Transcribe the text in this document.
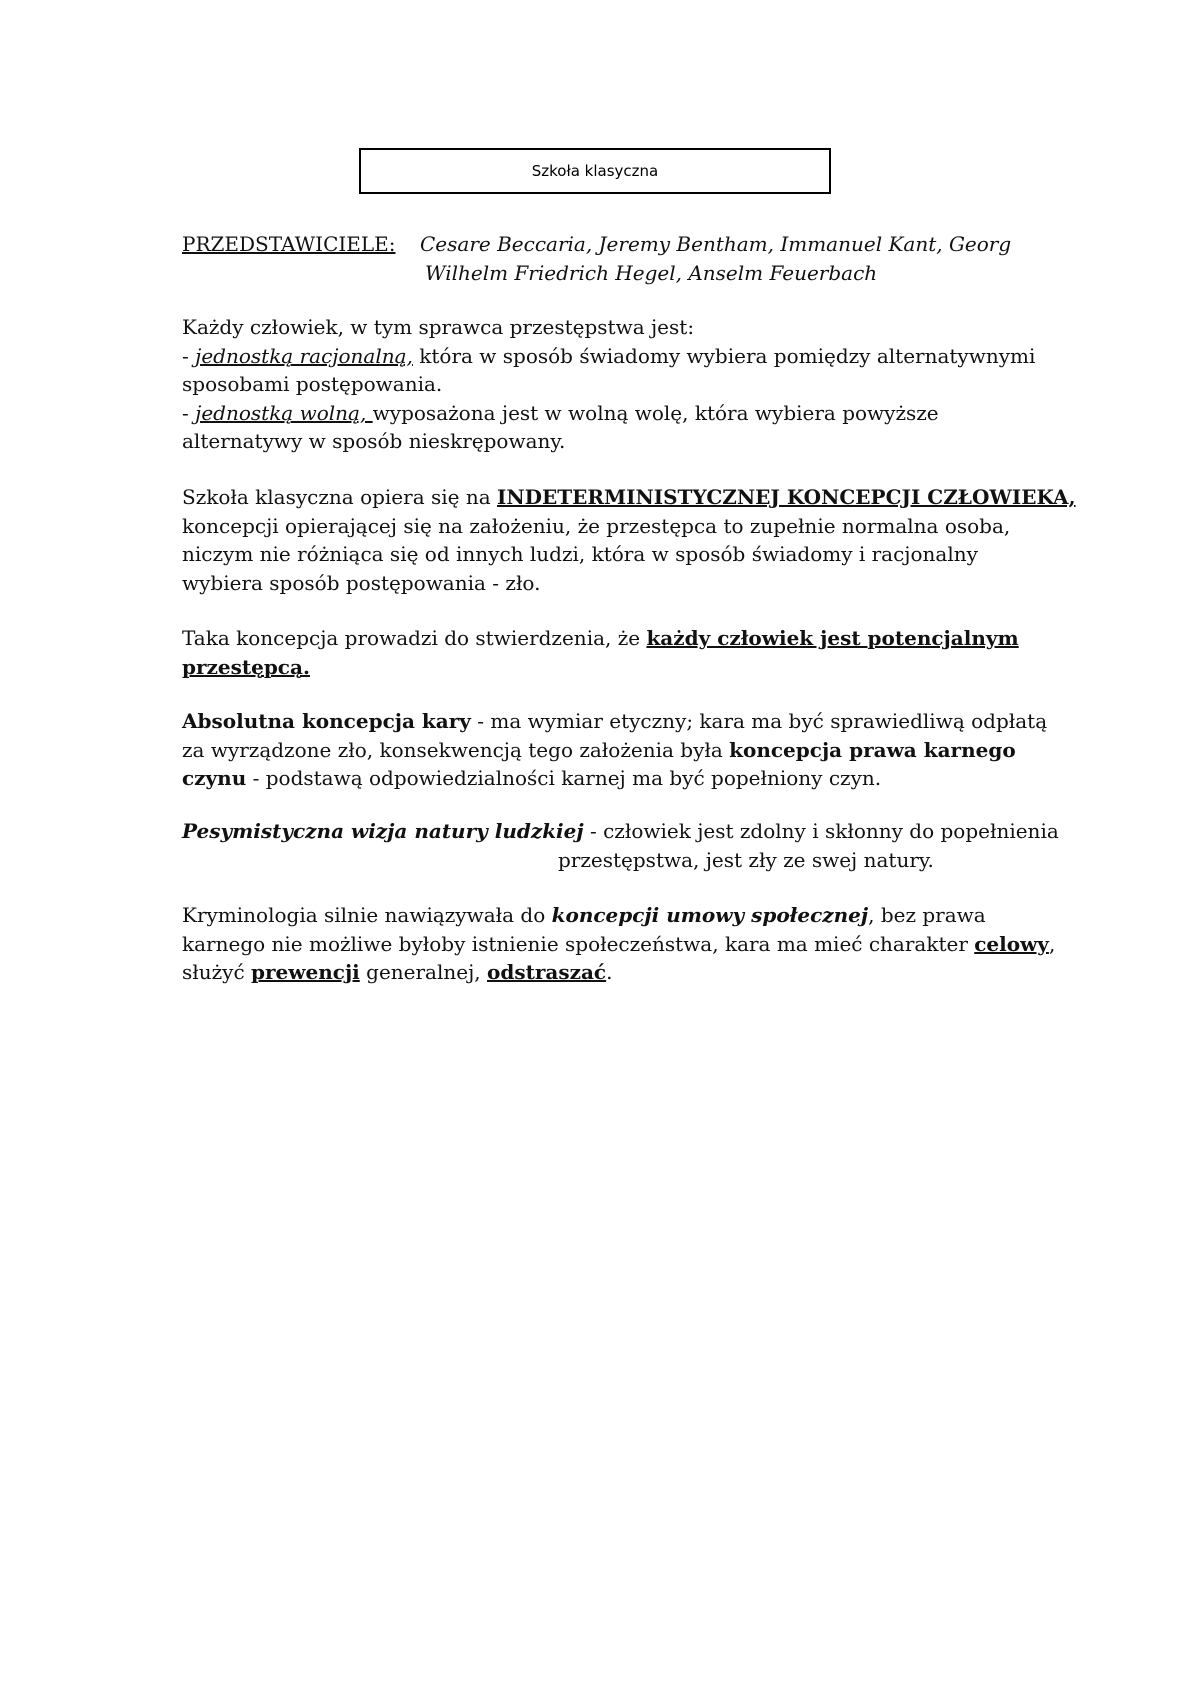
Szkoła klasyczna
PRZEDSTAWICIELE: Cesare Beccaria, Jeremy Bentham, Immanuel Kant, Georg
Wilhelm Friedrich Hegel, Anselm Feuerbach
Każdy człowiek, w tym sprawca przestępstwa jest:
- jednostką racjonalną, która w sposób świadomy wybiera pomiędzy alternatywnymi
sposobami postępowania.
- jednostką wolną, wyposażona jest w wolną wolę, która wybiera powyższe
alternatywy w sposób nieskrępowany.
Szkoła klasyczna opiera się na INDETERMINISTYCZNEJ KONCEPCJI CZŁOWIEKA,
koncepcji opierającej się na założeniu, że przestępca to zupełnie normalna osoba,
niczym nie różniąca się od innych ludzi, która w sposób świadomy i racjonalny
wybiera sposób postępowania - zło.
Taka koncepcja prowadzi do stwierdzenia, że każdy człowiek jest potencjalnym
przestępcą.
Absolutna koncepcja kary - ma wymiar etyczny; kara ma być sprawiedliwą odpłatą
za wyrządzone zło, konsekwencją tego założenia była koncepcja prawa karnego
czynu - podstawą odpowiedzialności karnej ma być popełniony czyn.
Pesymistyczna wizja natury ludzkiej - człowiek jest zdolny i skłonny do popełnienia
przestępstwa, jest zły ze swej natury.
Kryminologia silnie nawiązywała do koncepcji umowy społecznej, bez prawa
karnego nie możliwe byłoby istnienie społeczeństwa, kara ma mieć charakter celowy,
służyć prewencji generalnej, odstraszać.
